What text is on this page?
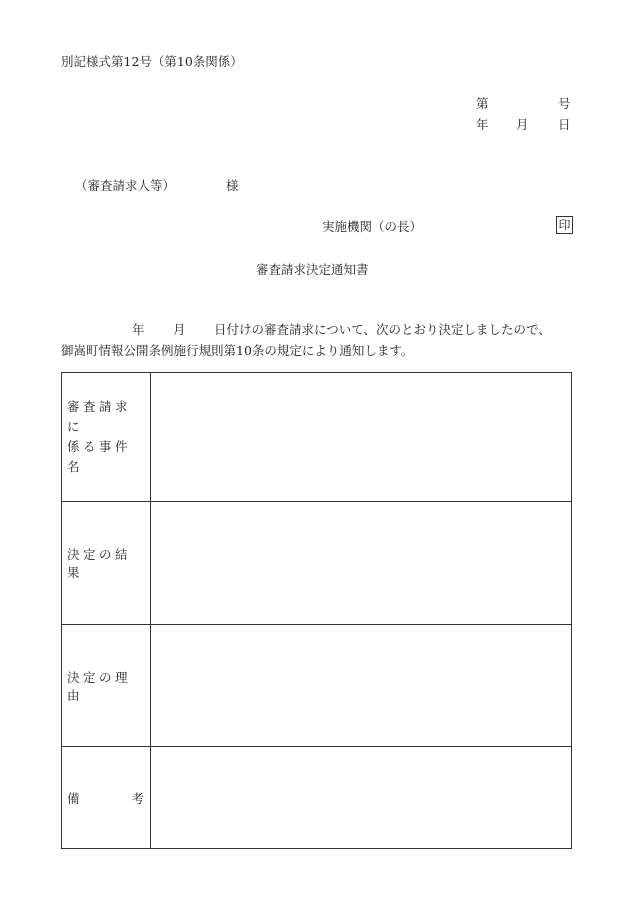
別記様式第12号（第10条関係）
第	号
年 月 日
（審査請求人等）	様
実施機関（の長）	印
審査請求決定通知書
年 月 日付けの審査請求について、次のとおり決定しましたので、
御嵩町情報公開条例施行規則第10条の規定により通知します。
審査請求に
係る事件名	

決定の結果	

決定の理由	

備 考	
